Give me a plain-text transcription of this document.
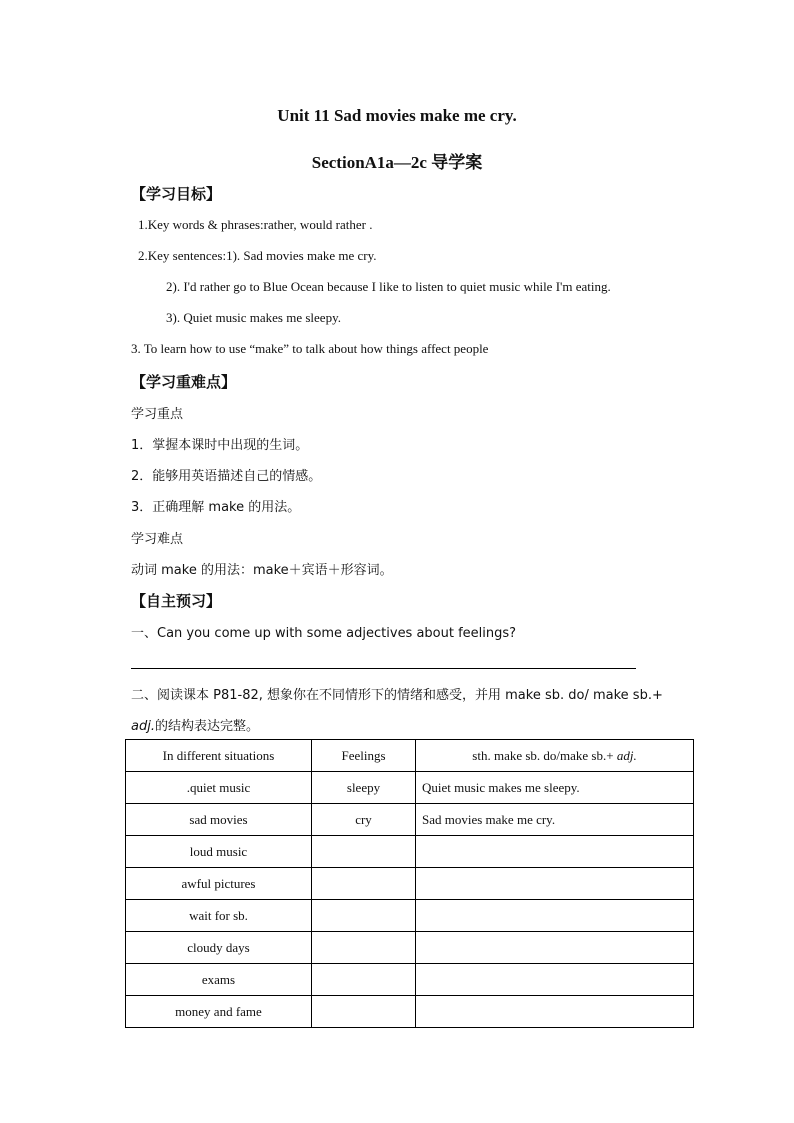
Unit 11 Sad movies make me cry.
SectionA1a—2c 导学案
【学习目标】
1.Key words & phrases:rather, would rather .
2.Key sentences:1). Sad movies make me cry.
2). I'd rather go to Blue Ocean because I like to listen to quiet music while I'm eating.
3). Quiet music makes me sleepy.
3. To learn how to use “make” to talk about how things affect people
【学习重难点】
学习重点
1．掌握本课时中出现的生词。
2．能够用英语描述自己的情感。
3．正确理解 make 的用法。
学习难点
动词 make 的用法：make＋宾语＋形容词。
【自主预习】
一、Can you come up with some adjectives about feelings?
二、阅读课本 P81-82, 想象你在不同情形下的情绪和感受，并用 make sb. do/ make sb.+
adj.的结构表达完整。
In different situations	Feelings	sth. make sb. do/make sb.+ adj.
.quiet music	sleepy	Quiet music makes me sleepy.
sad movies	cry	Sad movies make me cry.
loud music		
awful pictures		
wait for sb.		
cloudy days		
exams		
money and fame		
